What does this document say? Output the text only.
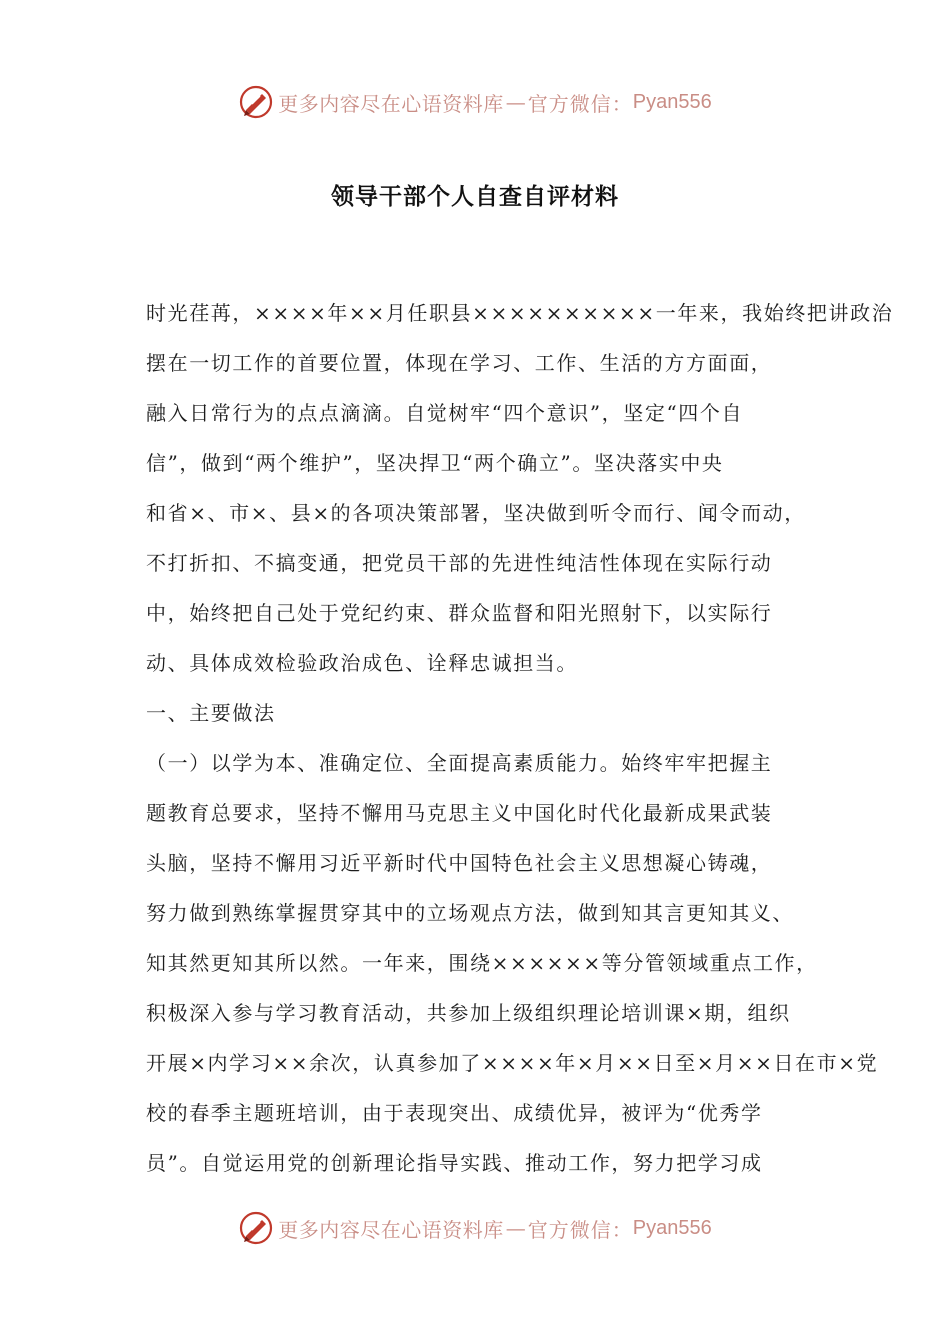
更多内容尽在心语资料库 — 官方微信： Pyan556
领导干部个人自查自评材料
时光荏苒，××××年××月任职县××××××××××一年来，我始终把讲政治
摆在一切工作的首要位置，体现在学习、工作、生活的方方面面，
融入日常行为的点点滴滴。自觉树牢“四个意识”，坚定“四个自
信”，做到“两个维护”，坚决捍卫“两个确立”。坚决落实中央
和省×、市×、县×的各项决策部署，坚决做到听令而行、闻令而动，
不打折扣、不搞变通，把党员干部的先进性纯洁性体现在实际行动
中，始终把自己处于党纪约束、群众监督和阳光照射下，以实际行
动、具体成效检验政治成色、诠释忠诚担当。
一、主要做法
（一）以学为本、准确定位、全面提高素质能力。始终牢牢把握主
题教育总要求，坚持不懈用马克思主义中国化时代化最新成果武装
头脑，坚持不懈用习近平新时代中国特色社会主义思想凝心铸魂，
努力做到熟练掌握贯穿其中的立场观点方法，做到知其言更知其义、
知其然更知其所以然。一年来，围绕××××××等分管领域重点工作，
积极深入参与学习教育活动，共参加上级组织理论培训课×期，组织
开展×内学习××余次，认真参加了××××年×月××日至×月××日在市×党
校的春季主题班培训，由于表现突出、成绩优异，被评为“优秀学
员”。自觉运用党的创新理论指导实践、推动工作，努力把学习成
更多内容尽在心语资料库 — 官方微信： Pyan556
